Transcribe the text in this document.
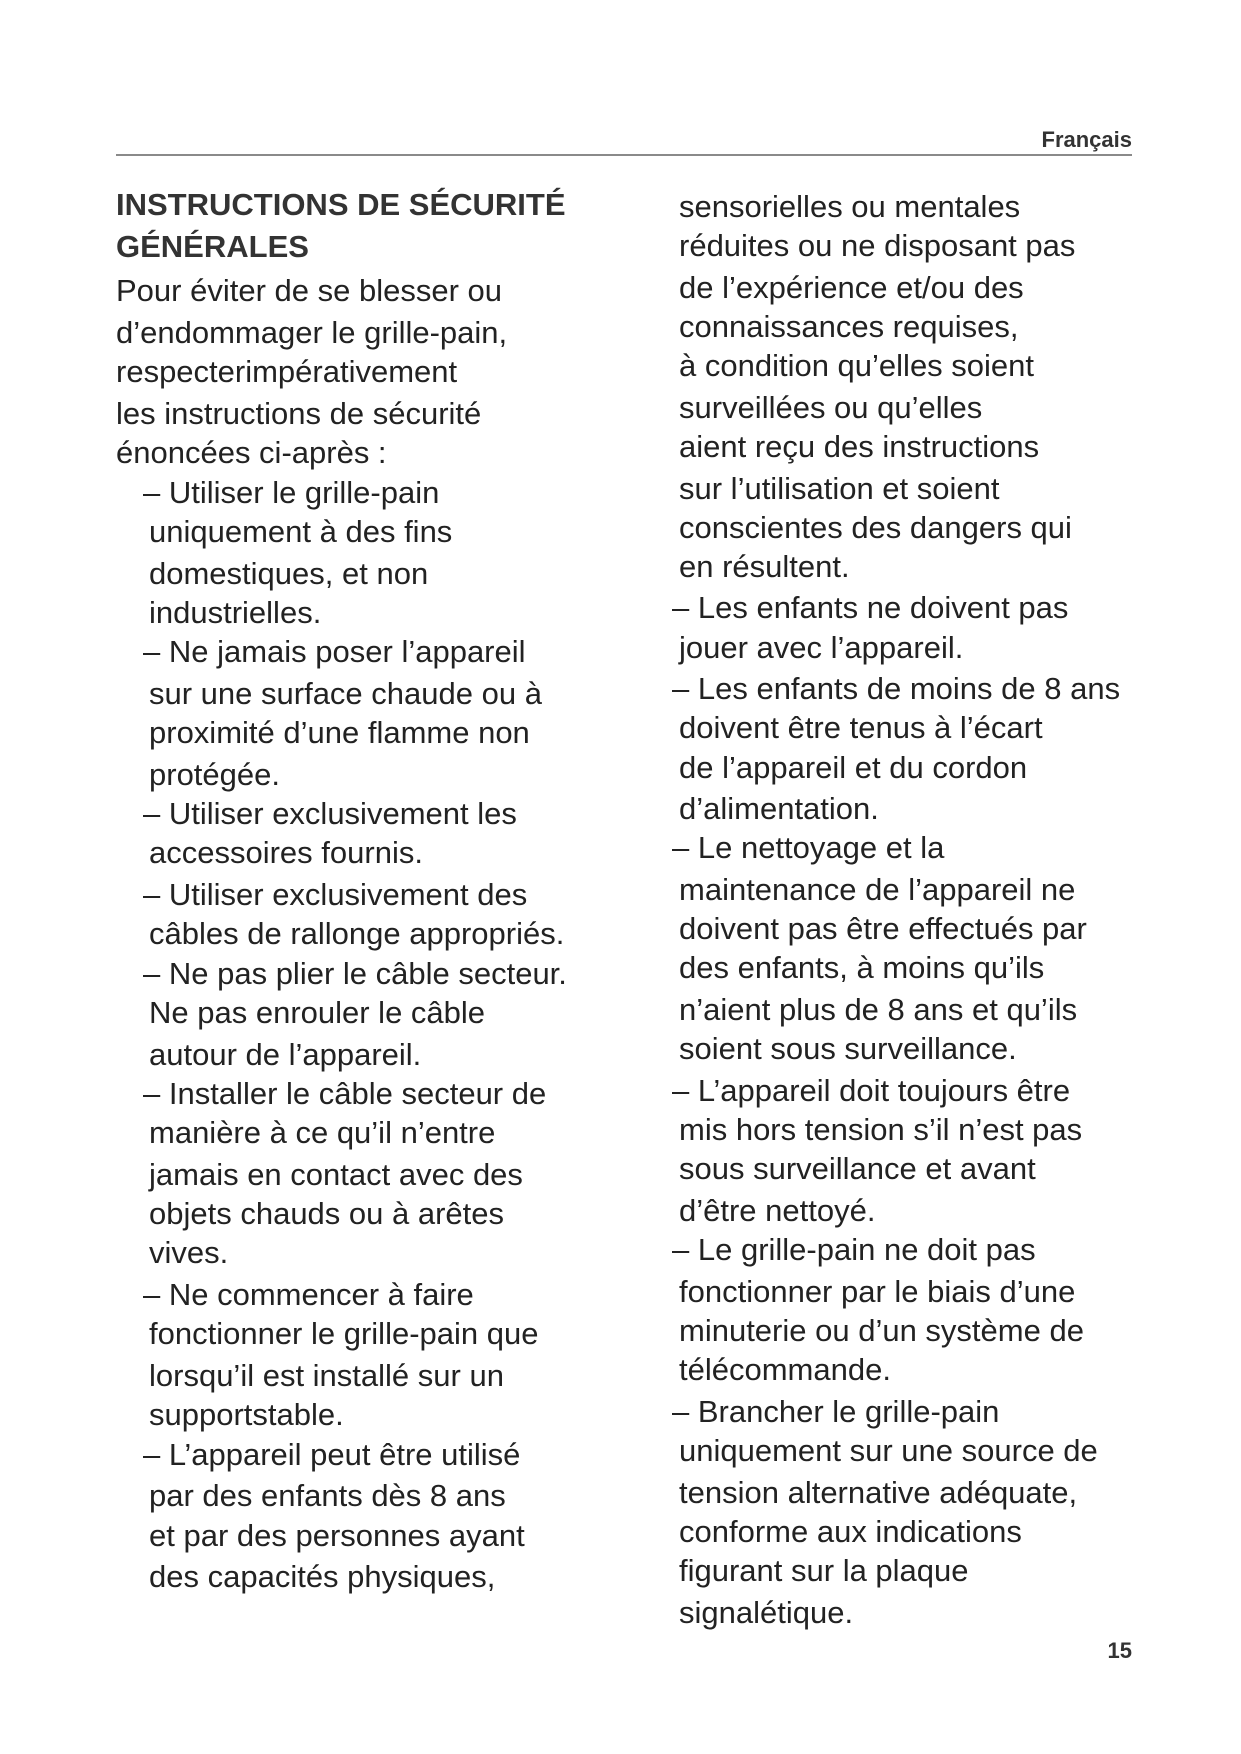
Français
INSTRUCTIONS DE SÉCURITÉ
GÉNÉRALES
Pour éviter de se blesser ou
d’endommager le grille-pain,
respecterimpérativement
les instructions de sécurité
énoncées ci-après :
– Utiliser le grille-pain
uniquement à des fins
domestiques, et non
industrielles.
– Ne jamais poser l’appareil
sur une surface chaude ou à
proximité d’une flamme non
protégée.
– Utiliser exclusivement les
accessoires fournis.
– Utiliser exclusivement des
câbles de rallonge appropriés.
– Ne pas plier le câble secteur.
Ne pas enrouler le câble
autour de l’appareil.
– Installer le câble secteur de
manière à ce qu’il n’entre
jamais en contact avec des
objets chauds ou à arêtes
vives.
– Ne commencer à faire
fonctionner le grille-pain que
lorsqu’il est installé sur un
supportstable.
– L’appareil peut être utilisé
par des enfants dès 8 ans
et par des personnes ayant
des capacités physiques,
sensorielles ou mentales
réduites ou ne disposant pas
de l’expérience et/ou des
connaissances requises,
à condition qu’elles soient
surveillées ou qu’elles
aient reçu des instructions
sur l’utilisation et soient
conscientes des dangers qui
en résultent.
– Les enfants ne doivent pas
jouer avec l’appareil.
– Les enfants de moins de 8 ans
doivent être tenus à l’écart
de l’appareil et du cordon
d’alimentation.
– Le nettoyage et la
maintenance de l’appareil ne
doivent pas être effectués par
des enfants, à moins qu’ils
n’aient plus de 8 ans et qu’ils
soient sous surveillance.
– L’appareil doit toujours être
mis hors tension s’il n’est pas
sous surveillance et avant
d’être nettoyé.
– Le grille-pain ne doit pas
fonctionner par le biais d’une
minuterie ou d’un système de
télécommande.
– Brancher le grille-pain
uniquement sur une source de
tension alternative adéquate,
conforme aux indications
figurant sur la plaque
signalétique.
15
